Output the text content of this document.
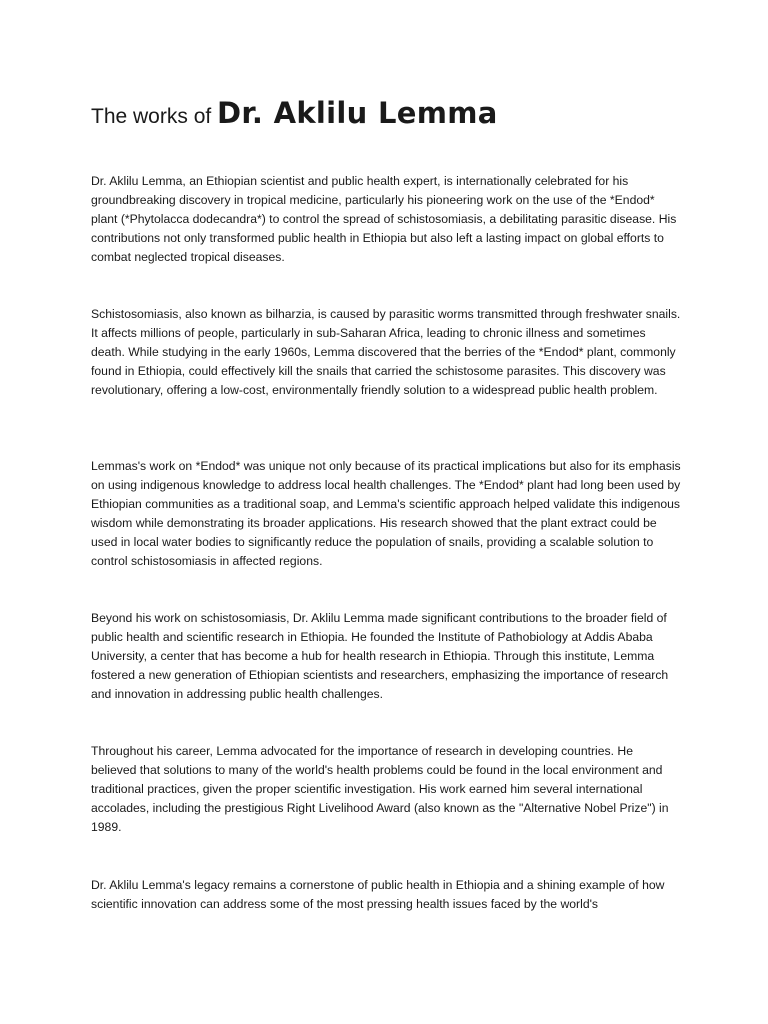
The works of Dr. Aklilu Lemma

Dr. Aklilu Lemma, an Ethiopian scientist and public health expert, is internationally celebrated for his groundbreaking discovery in tropical medicine, particularly his pioneering work on the use of the *Endod* plant (*Phytolacca dodecandra*) to control the spread of schistosomiasis, a debilitating parasitic disease. His contributions not only transformed public health in Ethiopia but also left a lasting impact on global efforts to combat neglected tropical diseases.

Schistosomiasis, also known as bilharzia, is caused by parasitic worms transmitted through freshwater snails. It affects millions of people, particularly in sub-Saharan Africa, leading to chronic illness and sometimes death. While studying in the early 1960s, Lemma discovered that the berries of the *Endod* plant, commonly found in Ethiopia, could effectively kill the snails that carried the schistosome parasites. This discovery was revolutionary, offering a low-cost, environmentally friendly solution to a widespread public health problem.

Lemmas's work on *Endod* was unique not only because of its practical implications but also for its emphasis on using indigenous knowledge to address local health challenges. The *Endod* plant had long been used by Ethiopian communities as a traditional soap, and Lemma's scientific approach helped validate this indigenous wisdom while demonstrating its broader applications. His research showed that the plant extract could be used in local water bodies to significantly reduce the population of snails, providing a scalable solution to control schistosomiasis in affected regions.

Beyond his work on schistosomiasis, Dr. Aklilu Lemma made significant contributions to the broader field of public health and scientific research in Ethiopia. He founded the Institute of Pathobiology at Addis Ababa University, a center that has become a hub for health research in Ethiopia. Through this institute, Lemma fostered a new generation of Ethiopian scientists and researchers, emphasizing the importance of research and innovation in addressing public health challenges.

Throughout his career, Lemma advocated for the importance of research in developing countries. He believed that solutions to many of the world's health problems could be found in the local environment and traditional practices, given the proper scientific investigation. His work earned him several international accolades, including the prestigious Right Livelihood Award (also known as the "Alternative Nobel Prize") in 1989.

Dr. Aklilu Lemma's legacy remains a cornerstone of public health in Ethiopia and a shining example of how scientific innovation can address some of the most pressing health issues faced by the world's
